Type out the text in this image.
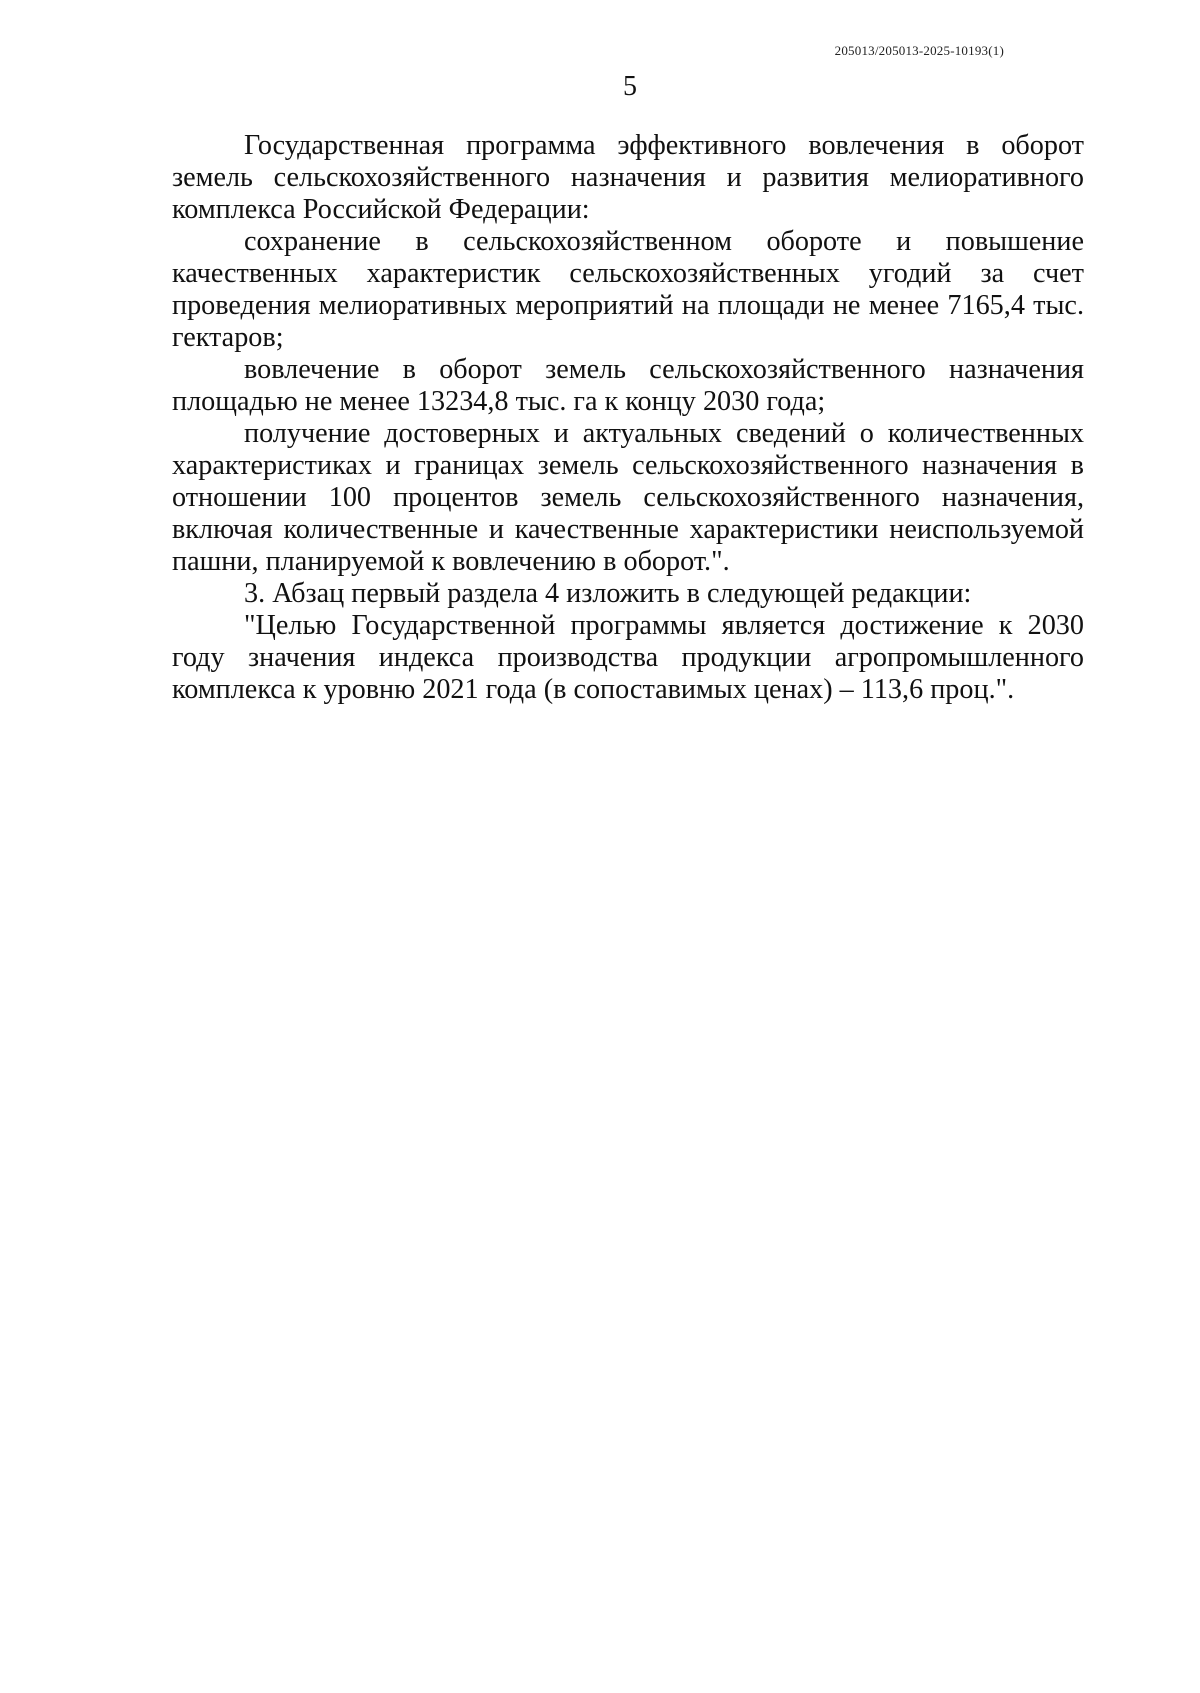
205013/205013-2025-10193(1)
5

Государственная программа эффективного вовлечения в оборот земель сельскохозяйственного назначения и развития мелиоративного комплекса Российской Федерации:

сохранение в сельскохозяйственном обороте и повышение качественных характеристик сельскохозяйственных угодий за счет проведения мелиоративных мероприятий на площади не менее 7165,4 тыс. гектаров;

вовлечение в оборот земель сельскохозяйственного назначения площадью не менее 13234,8 тыс. га к концу 2030 года;

получение достоверных и актуальных сведений о количественных характеристиках и границах земель сельскохозяйственного назначения в отношении 100 процентов земель сельскохозяйственного назначения, включая количественные и качественные характеристики неиспользуемой пашни, планируемой к вовлечению в оборот.".

3. Абзац первый раздела 4 изложить в следующей редакции:

"Целью Государственной программы является достижение к 2030 году значения индекса производства продукции агропромышленного комплекса к уровню 2021 года (в сопоставимых ценах) – 113,6 проц.".
